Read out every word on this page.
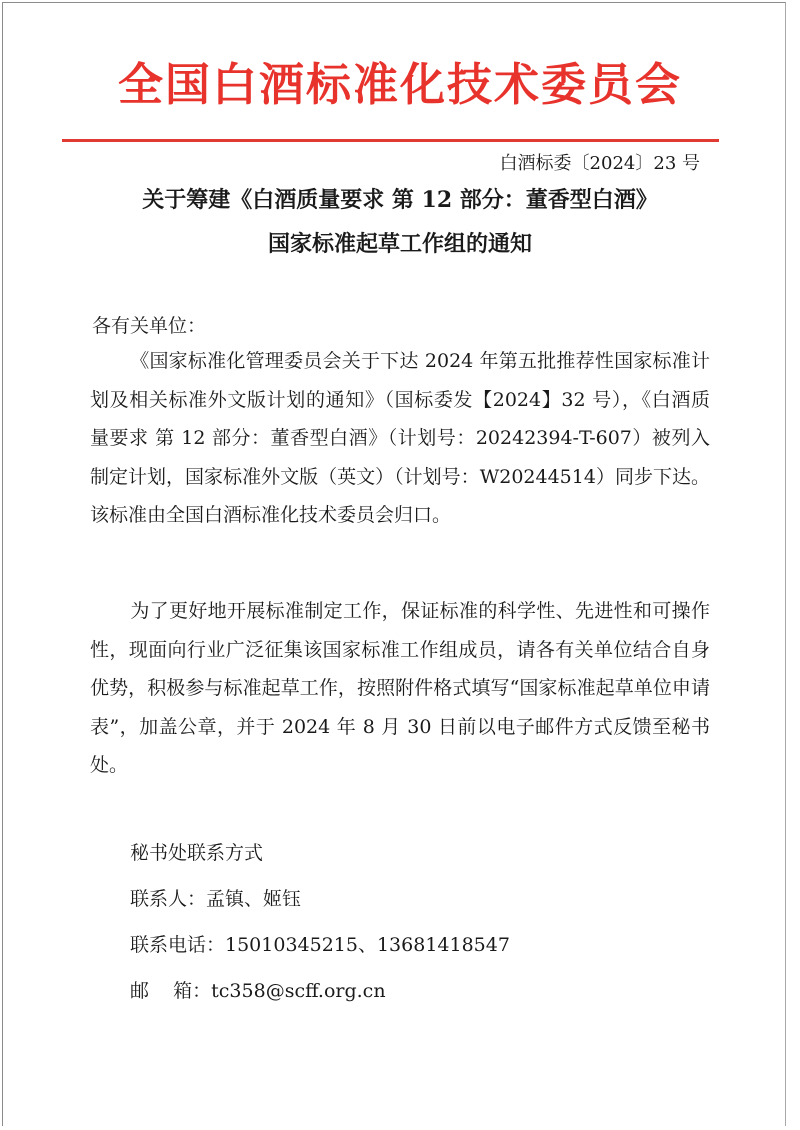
全国白酒标准化技术委员会
白酒标委〔2024〕23 号
关于筹建《白酒质量要求 第 12 部分：董香型白酒》
国家标准起草工作组的通知
各有关单位：
《国家标准化管理委员会关于下达 2024 年第五批推荐性国家标准计划及相关标准外文版计划的通知》（国标委发【2024】32 号），《白酒质量要求 第 12 部分：董香型白酒》（计划号：20242394-T-607）被列入制定计划，国家标准外文版（英文）（计划号：W20244514）同步下达。该标准由全国白酒标准化技术委员会归口。
为了更好地开展标准制定工作，保证标准的科学性、先进性和可操作性，现面向行业广泛征集该国家标准工作组成员，请各有关单位结合自身优势，积极参与标准起草工作，按照附件格式填写“国家标准起草单位申请表”，加盖公章，并于 2024 年 8 月 30 日前以电子邮件方式反馈至秘书处。
秘书处联系方式
联系人：孟镇、姬钰
联系电话：15010345215、13681418547
邮    箱：tc358@scff.org.cn
